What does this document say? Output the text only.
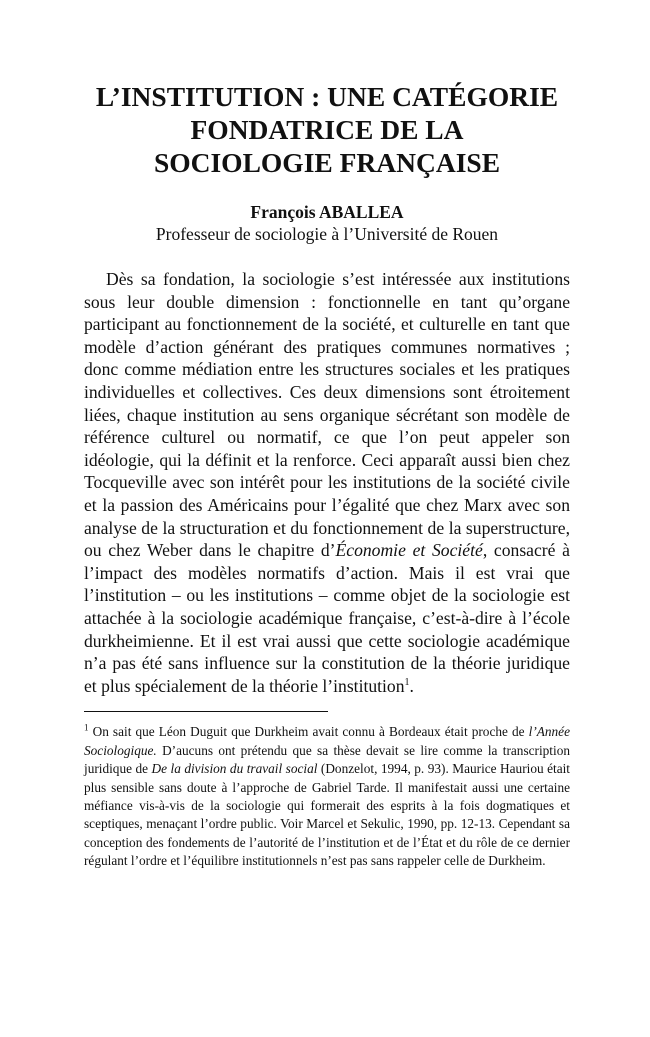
L’INSTITUTION : UNE CATÉGORIE
FONDATRICE DE LA
SOCIOLOGIE FRANÇAISE

François ABALLEA

Professeur de sociologie à l’Université de Rouen

Dès sa fondation, la sociologie s’est intéressée aux institutions sous leur double dimension : fonctionnelle en tant qu’organe participant au fonctionnement de la société, et culturelle en tant que modèle d’action générant des pratiques communes normatives ; donc comme médiation entre les structures sociales et les pratiques individuelles et collectives. Ces deux dimensions sont étroitement liées, chaque institution au sens organique sécrétant son modèle de référence culturel ou normatif, ce que l’on peut appeler son idéologie, qui la définit et la renforce. Ceci apparaît aussi bien chez Tocqueville avec son intérêt pour les institutions de la société civile et la passion des Américains pour l’égalité que chez Marx avec son analyse de la structuration et du fonctionnement de la superstructure, ou chez Weber dans le chapitre d’Économie et Société, consacré à l’impact des modèles normatifs d’action. Mais il est vrai que l’institution – ou les institutions – comme objet de la sociologie est attachée à la sociologie académique française, c’est-à-dire à l’école durkheimienne. Et il est vrai aussi que cette sociologie académique n’a pas été sans influence sur la constitution de la théorie juridique et plus spécialement de la théorie l’institution$^1$.

$^1$ On sait que Léon Duguit que Durkheim avait connu à Bordeaux était proche de l’Année Sociologique. D’aucuns ont prétendu que sa thèse devait se lire comme la transcription juridique de De la division du travail social (Donzelot, 1994, p. 93). Maurice Hauriou était plus sensible sans doute à l’approche de Gabriel Tarde. Il manifestait aussi une certaine méfiance vis-à-vis de la sociologie qui formerait des esprits à la fois dogmatiques et sceptiques, menaçant l’ordre public. Voir Marcel et Sekulic, 1990, pp. 12-13. Cependant sa conception des fondements de l’autorité de l’institution et de l’État et du rôle de ce dernier régulant l’ordre et l’équilibre institutionnels n’est pas sans rappeler celle de Durkheim.
